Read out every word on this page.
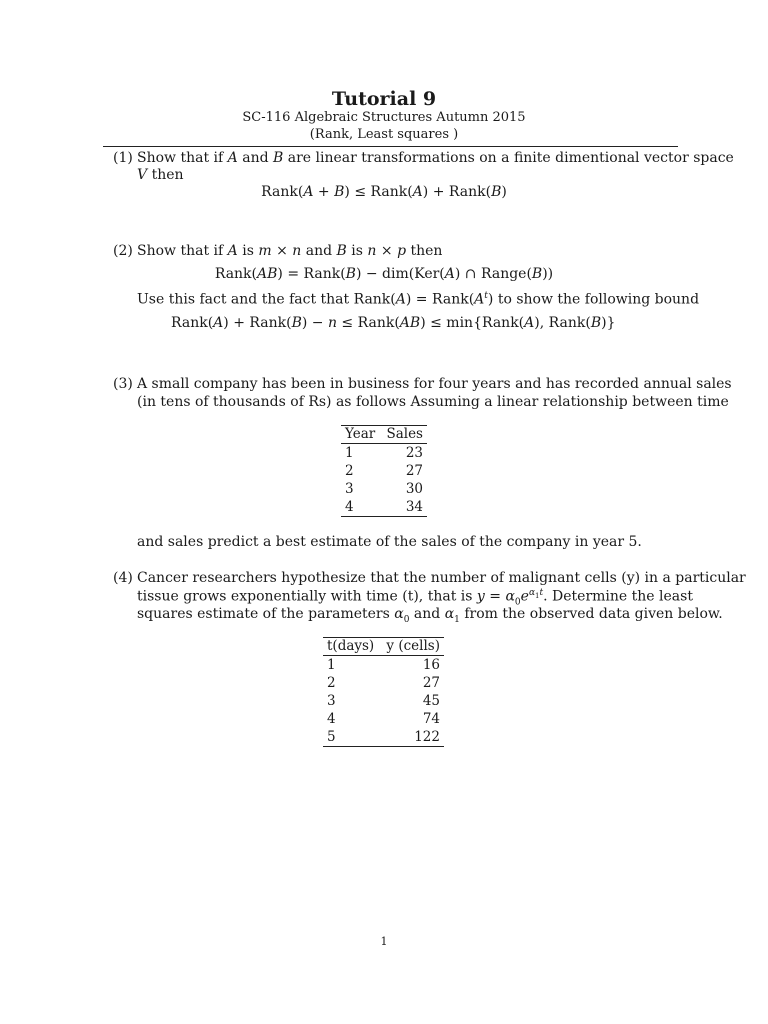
Tutorial 9
SC-116 Algebraic Structures Autumn 2015
(Rank, Least squares )
(1) Show that if A and B are linear transformations on a finite dimentional vector space
V then
Rank(A + B) ≤ Rank(A) + Rank(B)
(2) Show that if A is m × n and B is n × p then
Rank(AB) = Rank(B) − dim(Ker(A) ∩ Range(B))
Use this fact and the fact that Rank(A) = $Rank(A^t)$ to show the following bound
Rank(A) + Rank(B) − n ≤ Rank(AB) ≤ min{Rank(A), Rank(B)}
(3) A small company has been in business for four years and has recorded annual sales
(in tens of thousands of Rs) as follows Assuming a linear relationship between time
Year	Sales
1	23
2	27
3	30
4	34
and sales predict a best estimate of the sales of the company in year 5.
(4) Cancer researchers hypothesize that the number of malignant cells (y) in a particular
tissue grows exponentially with time (t), that is $y = \alpha_0e^{\alpha_1t}$. Determine the least
squares estimate of the parameters $\alpha_0$ and $\alpha_1$ from the observed data given below.
t(days)	y (cells)
1	16
2	27
3	45
4	74
5	122
1
